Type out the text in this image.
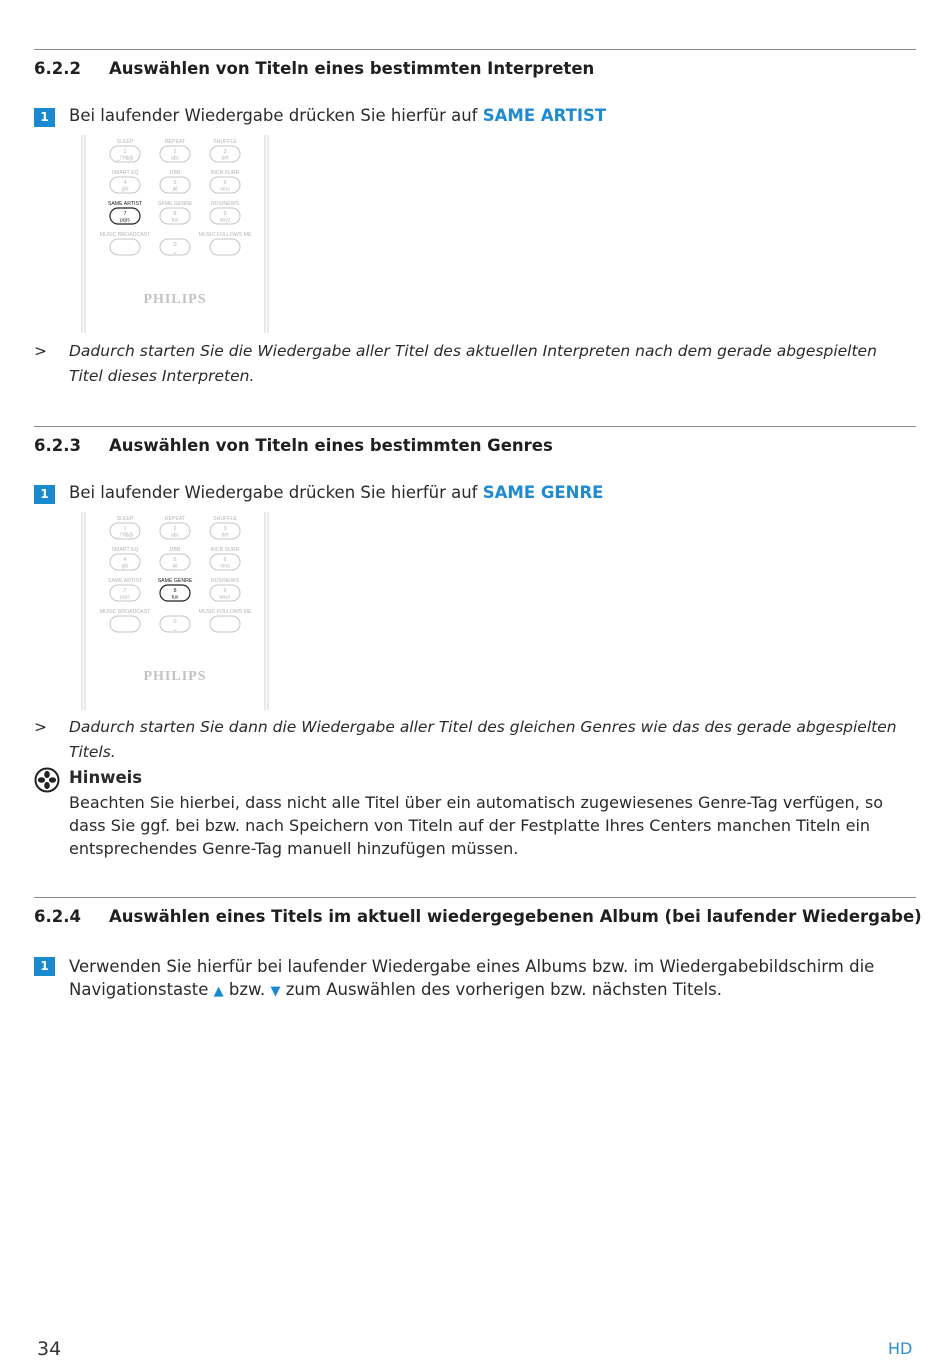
6.2.2 Auswählen von Titeln eines bestimmten Interpreten
1	Bei laufender Wiedergabe drücken Sie hierfür auf SAME ARTIST
SLEEP
1
_!"#$@
REPEAT
2
abc
SHUFFLE
3
def
SMART EQ
4
ghi
DBB
5
jkl
INCR.SURR
6
mno
SAME ARTIST
7
pqrs
SAME GENRE
8
tuv
RDS/NEWS
9
wxyz
MUSIC BROADCAST
0
␣
MUSIC FOLLOWS ME
PHILIPS
> Dadurch starten Sie die Wiedergabe aller Titel des aktuellen Interpreten nach dem gerade abgespielten Titel dieses Interpreten.
6.2.3 Auswählen von Titeln eines bestimmten Genres
1	Bei laufender Wiedergabe drücken Sie hierfür auf SAME GENRE
SLEEP
1
_!"#$@
REPEAT
2
abc
SHUFFLE
3
def
SMART EQ
4
ghi
DBB
5
jkl
INCR.SURR
6
mno
SAME ARTIST
7
pqrs
SAME GENRE
8
tuv
RDS/NEWS
9
wxyz
MUSIC BROADCAST
0
␣
MUSIC FOLLOWS ME
PHILIPS
> Dadurch starten Sie dann die Wiedergabe aller Titel des gleichen Genres wie das des gerade abgespielten Titels.
Hinweis
Beachten Sie hierbei, dass nicht alle Titel über ein automatisch zugewiesenes Genre-Tag verfügen, so dass Sie ggf. bei bzw. nach Speichern von Titeln auf der Festplatte Ihres Centers manchen Titeln ein entsprechendes Genre-Tag manuell hinzufügen müssen.
6.2.4 Auswählen eines Titels im aktuell wiedergegebenen Album (bei laufender Wiedergabe)
1	Verwenden Sie hierfür bei laufender Wiedergabe eines Albums bzw. im Wiedergabebildschirm die
Navigationstaste ▲ bzw. ▼ zum Auswählen des vorherigen bzw. nächsten Titels.
34	HD
